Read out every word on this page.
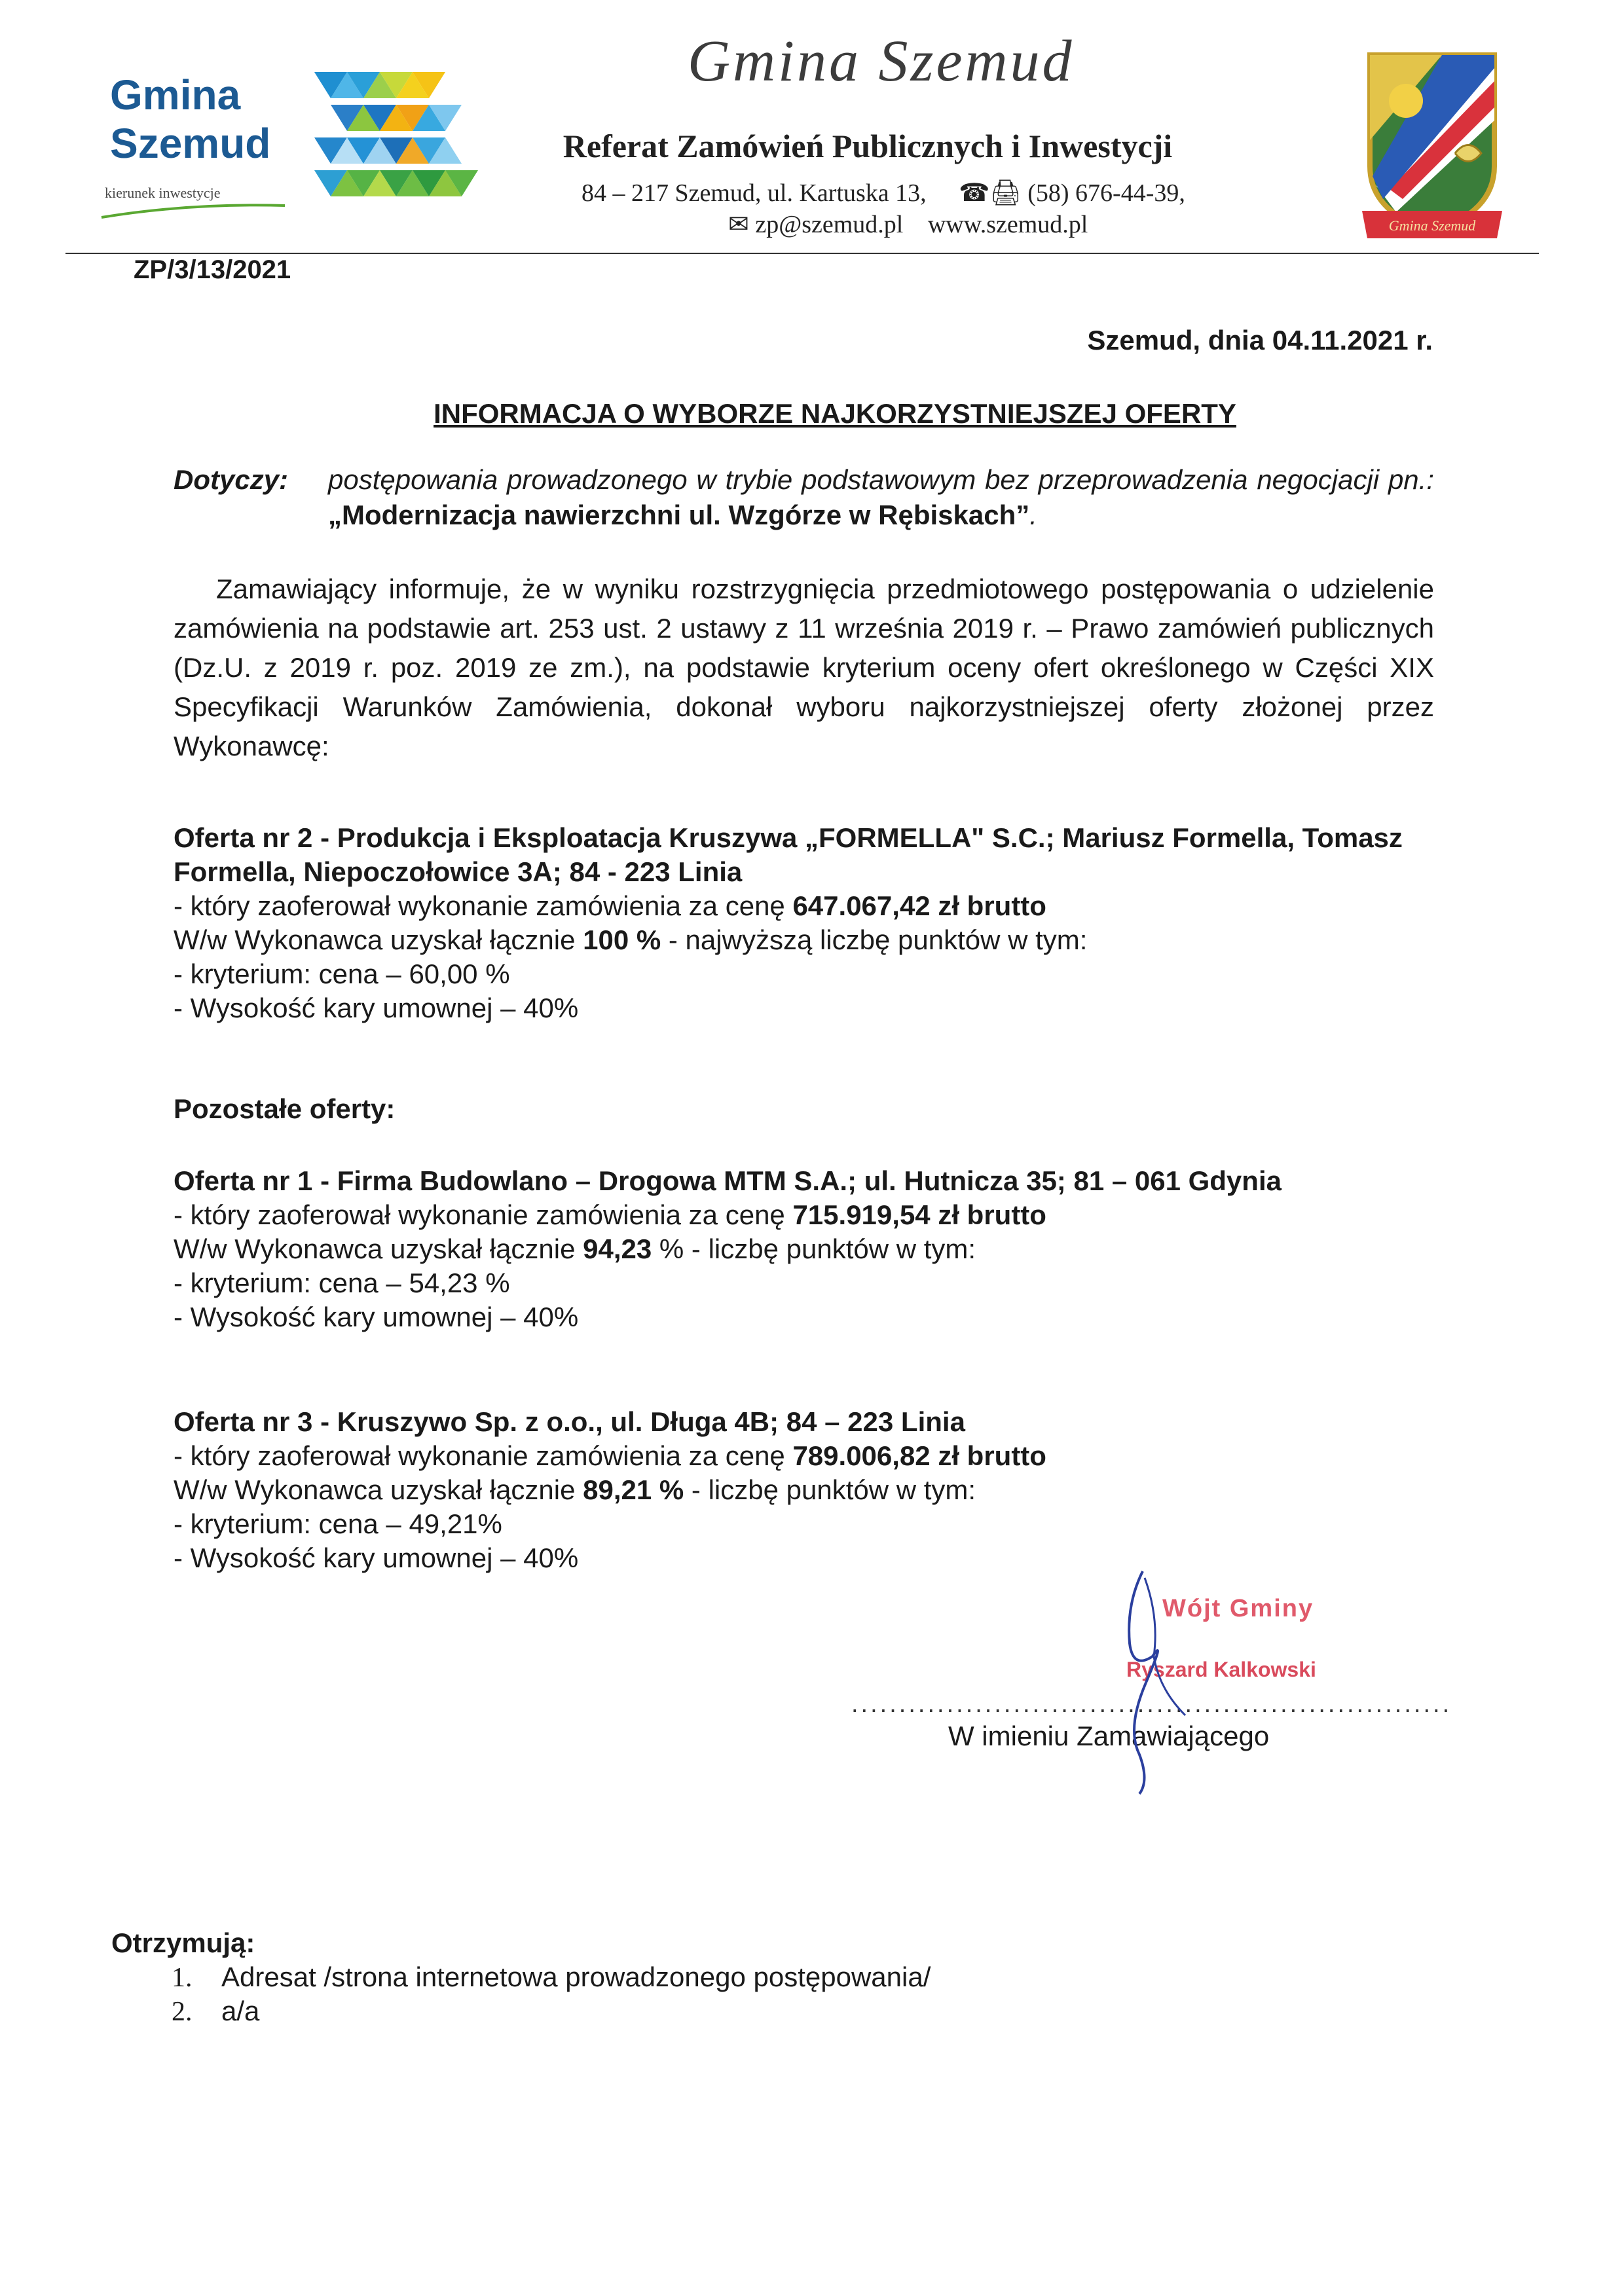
Gmina
Szemud
kierunek inwestycje
Gmina Szemud
Referat Zamówień Publicznych i Inwestycji
84 – 217 Szemud, ul. Kartuska 13, ☎🖨 (58) 676-44-39,
✉ zp@szemud.pl www.szemud.pl	Gmina Szemud
ZP/3/13/2021
Szemud, dnia 04.11.2021 r.
INFORMACJA O WYBORZE NAJKORZYSTNIEJSZEJ OFERTY
Dotyczy: postępowania prowadzonego w trybie podstawowym bez przeprowadzenia negocjacji pn.: „Modernizacja nawierzchni ul. Wzgórze w Rębiskach”.
Zamawiający informuje, że w wyniku rozstrzygnięcia przedmiotowego postępowania o udzielenie zamówienia na podstawie art. 253 ust. 2 ustawy z 11 września 2019 r. – Prawo zamówień publicznych (Dz.U. z 2019 r. poz. 2019 ze zm.), na podstawie kryterium oceny ofert określonego w Części XIX Specyfikacji Warunków Zamówienia, dokonał wyboru najkorzystniejszej oferty złożonej przez Wykonawcę:
Oferta nr 2 - Produkcja i Eksploatacja Kruszywa „FORMELLA" S.C.; Mariusz Formella, Tomasz Formella, Niepoczołowice 3A; 84 - 223 Linia
- który zaoferował wykonanie zamówienia za cenę 647.067,42 zł brutto
W/w Wykonawca uzyskał łącznie 100 % - najwyższą liczbę punktów w tym:
- kryterium: cena – 60,00 %
- Wysokość kary umownej – 40%
Pozostałe oferty:
Oferta nr 1 - Firma Budowlano – Drogowa MTM S.A.; ul. Hutnicza 35; 81 – 061 Gdynia
- który zaoferował wykonanie zamówienia za cenę 715.919,54 zł brutto
W/w Wykonawca uzyskał łącznie 94,23 % - liczbę punktów w tym:
- kryterium: cena – 54,23 %
- Wysokość kary umownej – 40%
Oferta nr 3 - Kruszywo Sp. z o.o., ul. Długa 4B; 84 – 223 Linia
- który zaoferował wykonanie zamówienia za cenę 789.006,82 zł brutto
W/w Wykonawca uzyskał łącznie 89,21 % - liczbę punktów w tym:
- kryterium: cena – 49,21%
- Wysokość kary umownej – 40%
Wójt Gminy
Ryszard Kalkowski
...............................................................
W imieniu Zamawiającego
Otrzymują:
1. Adresat /strona internetowa prowadzonego postępowania/
2. a/a
